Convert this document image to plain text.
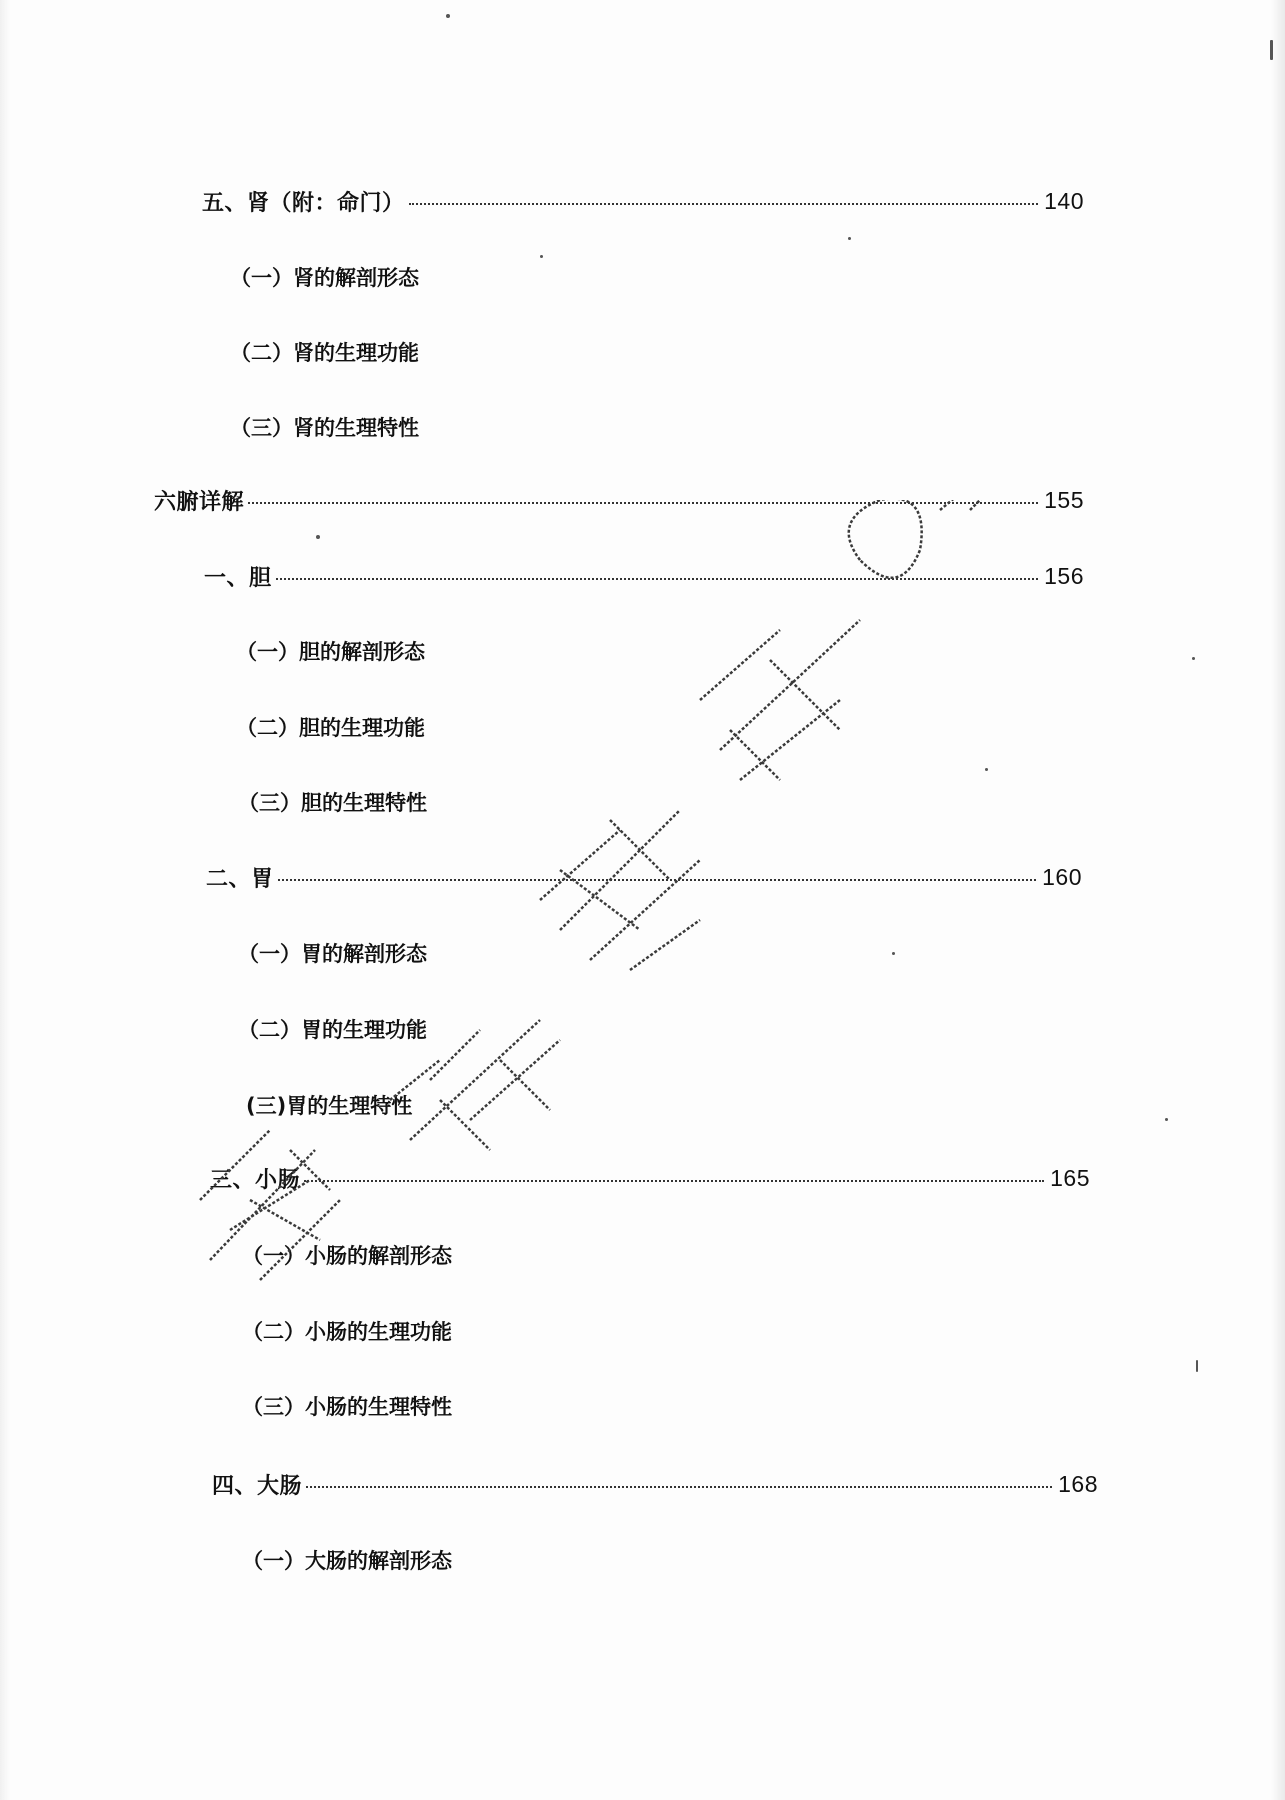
五、肾（附：命门）	140
（一）肾的解剖形态
（二）肾的生理功能
（三）肾的生理特性
六腑详解	155
一、胆	156
（一）胆的解剖形态
（二）胆的生理功能
（三）胆的生理特性
二、胃	160
（一）胃的解剖形态
（二）胃的生理功能
(三)胃的生理特性
三、小肠	165
（一）小肠的解剖形态
（二）小肠的生理功能
（三）小肠的生理特性
四、大肠	168
（一）大肠的解剖形态
